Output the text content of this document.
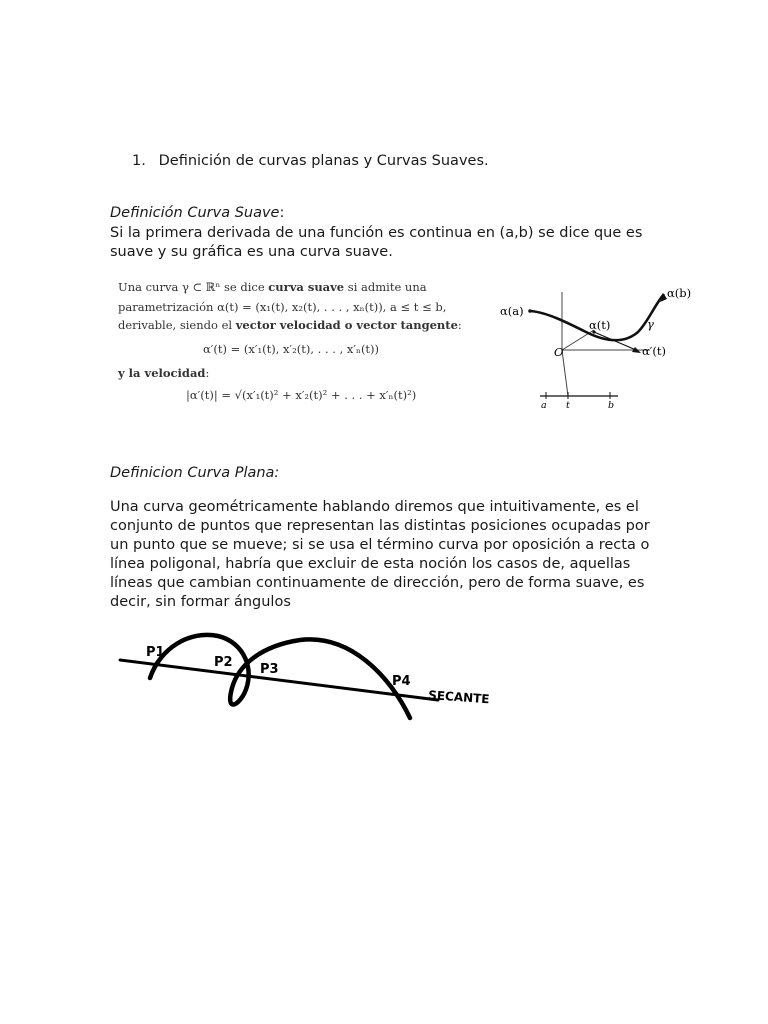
1. Definición de curvas planas y Curvas Suaves.
Definición Curva Suave:
Si la primera derivada de una función es continua en (a,b) se dice que es suave y su gráfica es una curva suave.
Una curva γ ⊂ ℝⁿ se dice curva suave si admite una
parametrización α(t) = (x₁(t), x₂(t), . . . , xₙ(t)), a ≤ t ≤ b,
derivable, siendo el vector velocidad o vector tangente:
α′(t) = (x′₁(t), x′₂(t), . . . , x′ₙ(t))
y la velocidad:
|α′(t)| = √(x′₁(t)² + x′₂(t)² + . . . + x′ₙ(t)²)
α(a)
α(b)
α(t)	γ
α′(t)
O
a t	b
Definicion Curva Plana:
Una curva geométricamente hablando diremos que intuitivamente, es el conjunto de puntos que representan las distintas posiciones ocupadas por un punto que se mueve; si se usa el término curva por oposición a recta o línea poligonal, habría que excluir de esta noción los casos de, aquellas líneas que cambian continuamente de dirección, pero de forma suave, es decir, sin formar ángulos
P1
P2 P3
P4
SECANTE
